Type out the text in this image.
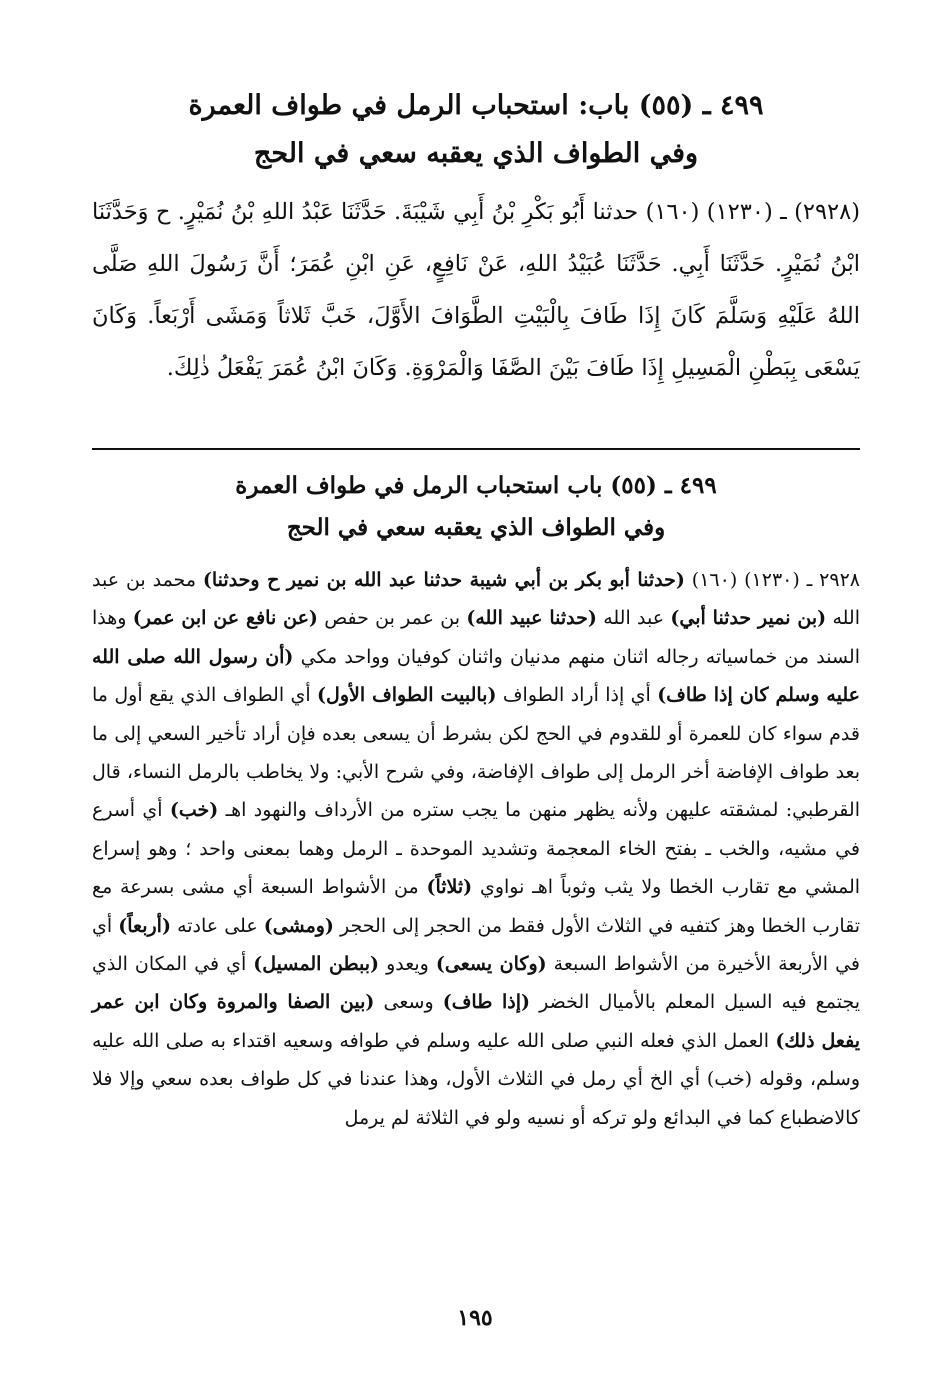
٤٩٩ ـ (٥٥) باب: استحباب الرمل في طواف العمرة
وفي الطواف الذي يعقبه سعي في الحج

(٢٩٢٨) ـ (١٢٣٠) (١٦٠) حدثنا أَبُو بَكْرِ بْنُ أَبِي شَيْبَةَ. حَدَّثَنَا عَبْدُ اللهِ بْنُ نُمَيْرٍ. ح وَحَدَّثَنَا ابْنُ نُمَيْرٍ. حَدَّثَنَا أَبِي. حَدَّثَنَا عُبَيْدُ اللهِ، عَنْ نَافِعٍ، عَنِ ابْنِ عُمَرَ؛ أَنَّ رَسُولَ اللهِ صَلَّى اللهُ عَلَيْهِ وَسَلَّمَ كَانَ إِذَا طَافَ بِالْبَيْتِ الطَّوَافَ الأَوَّلَ، خَبَّ ثَلاثاً وَمَشَى أَرْبَعاً. وَكَانَ يَسْعَى بِبَطْنِ الْمَسِيلِ إِذَا طَافَ بَيْنَ الصَّفَا وَالْمَرْوَةِ. وَكَانَ ابْنُ عُمَرَ يَفْعَلُ ذٰلِكَ.

٤٩٩ ـ (٥٥) باب استحباب الرمل في طواف العمرة
وفي الطواف الذي يعقبه سعي في الحج

٢٩٢٨ ـ (١٢٣٠) (١٦٠) (حدثنا أبو بكر بن أبي شيبة حدثنا عبد الله بن نمير ح وحدثنا) محمد بن عبد الله (بن نمير حدثنا أبي) عبد الله (حدثنا عبيد الله) بن عمر بن حفص (عن نافع عن ابن عمر) وهذا السند من خماسياته رجاله اثنان منهم مدنيان واثنان كوفيان وواحد مكي (أن رسول الله صلى الله عليه وسلم كان إذا طاف) أي إذا أراد الطواف (بالبيت الطواف الأول) أي الطواف الذي يقع أول ما قدم سواء كان للعمرة أو للقدوم في الحج لكن بشرط أن يسعى بعده فإن أراد تأخير السعي إلى ما بعد طواف الإفاضة أخر الرمل إلى طواف الإفاضة، وفي شرح الأبي: ولا يخاطب بالرمل النساء، قال القرطبي: لمشقته عليهن ولأنه يظهر منهن ما يجب ستره من الأرداف والنهود اهـ (خب) أي أسرع في مشيه، والخب ـ بفتح الخاء المعجمة وتشديد الموحدة ـ الرمل وهما بمعنى واحد ؛ وهو إسراع المشي مع تقارب الخطا ولا يثب وثوباً اهـ نواوي (ثلاثاً) من الأشواط السبعة أي مشى بسرعة مع تقارب الخطا وهز كتفيه في الثلاث الأول فقط من الحجر إلى الحجر (ومشى) على عادته (أربعاً) أي في الأربعة الأخيرة من الأشواط السبعة (وكان يسعى) ويعدو (ببطن المسيل) أي في المكان الذي يجتمع فيه السيل المعلم بالأميال الخضر (إذا طاف) وسعى (بين الصفا والمروة وكان ابن عمر يفعل ذلك) العمل الذي فعله النبي صلى الله عليه وسلم في طوافه وسعيه اقتداء به صلى الله عليه وسلم، وقوله (خب) أي الخ أي رمل في الثلاث الأول، وهذا عندنا في كل طواف بعده سعي وإلا فلا كالاضطباع كما في البدائع ولو تركه أو نسيه ولو في الثلاثة لم يرمل

١٩٥
